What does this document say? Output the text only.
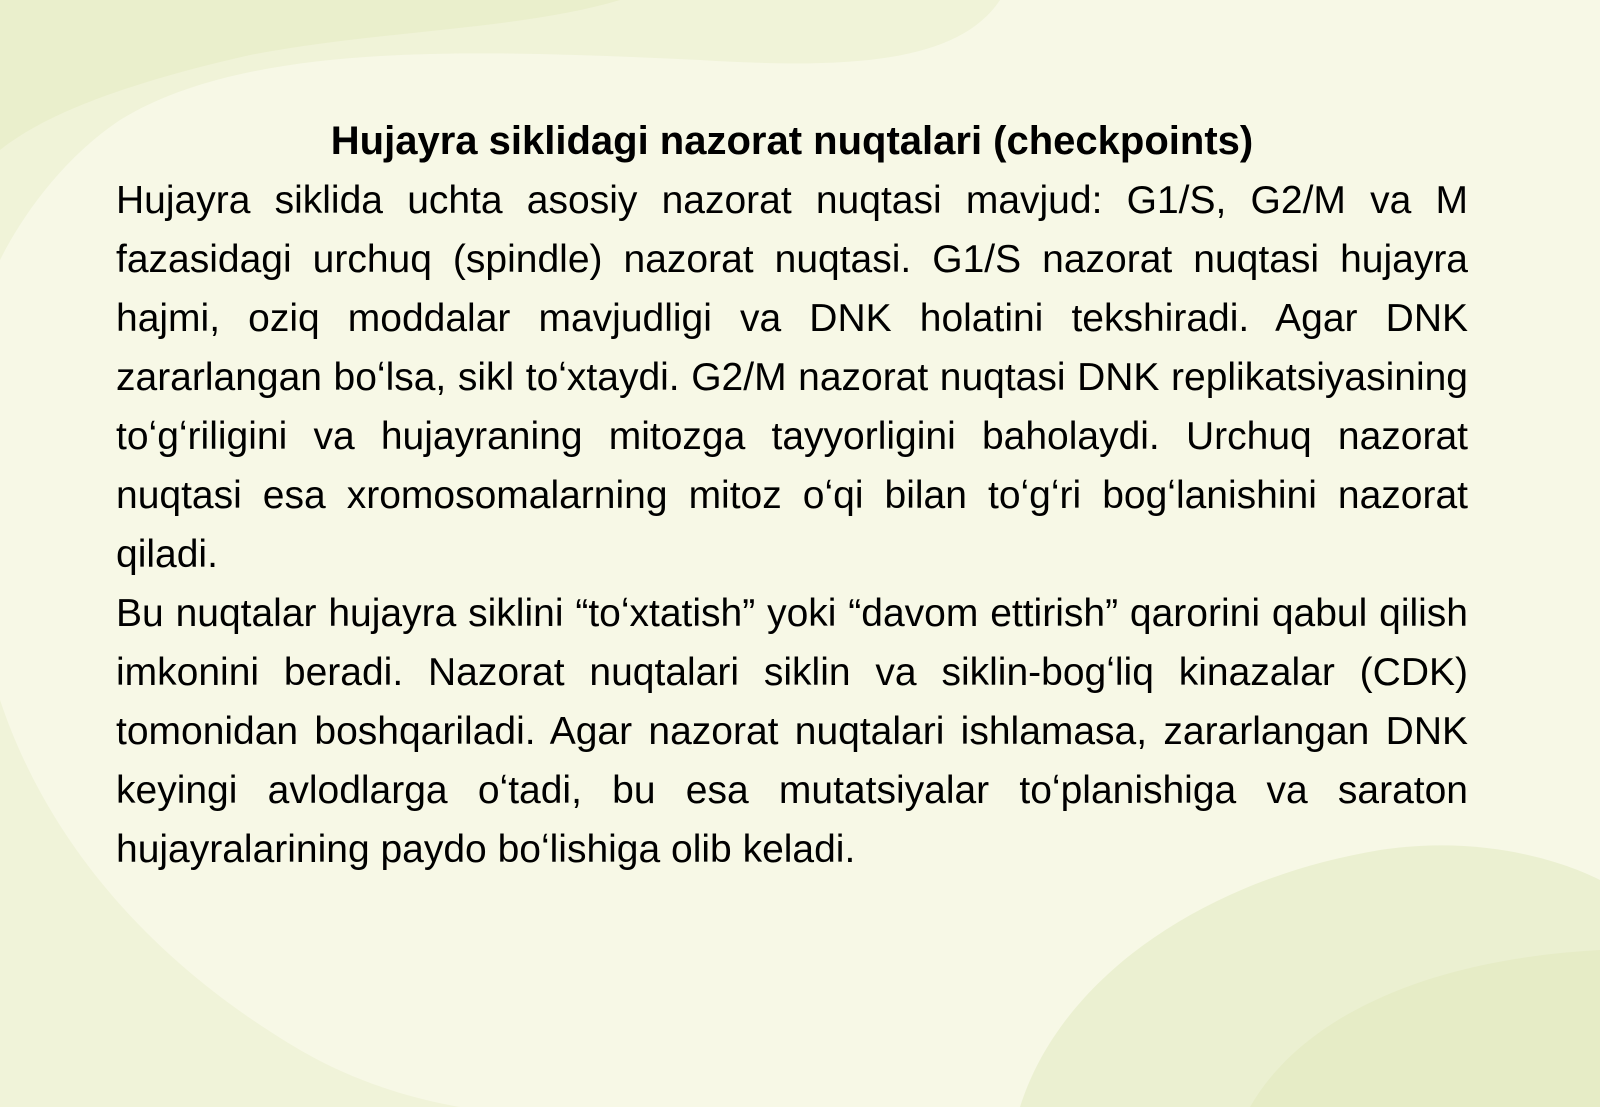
Hujayra siklidagi nazorat nuqtalari (checkpoints)

Hujayra siklida uchta asosiy nazorat nuqtasi mavjud: G1/S, G2/M va M fazasidagi urchuq (spindle) nazorat nuqtasi. G1/S nazorat nuqtasi hujayra hajmi, oziq moddalar mavjudligi va DNK holatini tekshiradi. Agar DNK zararlangan boʻlsa, sikl toʻxtaydi. G2/M nazorat nuqtasi DNK replikatsiyasining toʻgʻriligini va hujayraning mitozga tayyorligini baholaydi. Urchuq nazorat nuqtasi esa xromosomalarning mitoz oʻqi bilan toʻgʻri bogʻlanishini nazorat qiladi.

Bu nuqtalar hujayra siklini “toʻxtatish” yoki “davom ettirish” qarorini qabul qilish imkonini beradi. Nazorat nuqtalari siklin va siklin-bogʻliq kinazalar (CDK) tomonidan boshqariladi. Agar nazorat nuqtalari ishlamasa, zararlangan DNK keyingi avlodlarga oʻtadi, bu esa mutatsiyalar toʻplanishiga va saraton hujayralarining paydo boʻlishiga olib keladi.
